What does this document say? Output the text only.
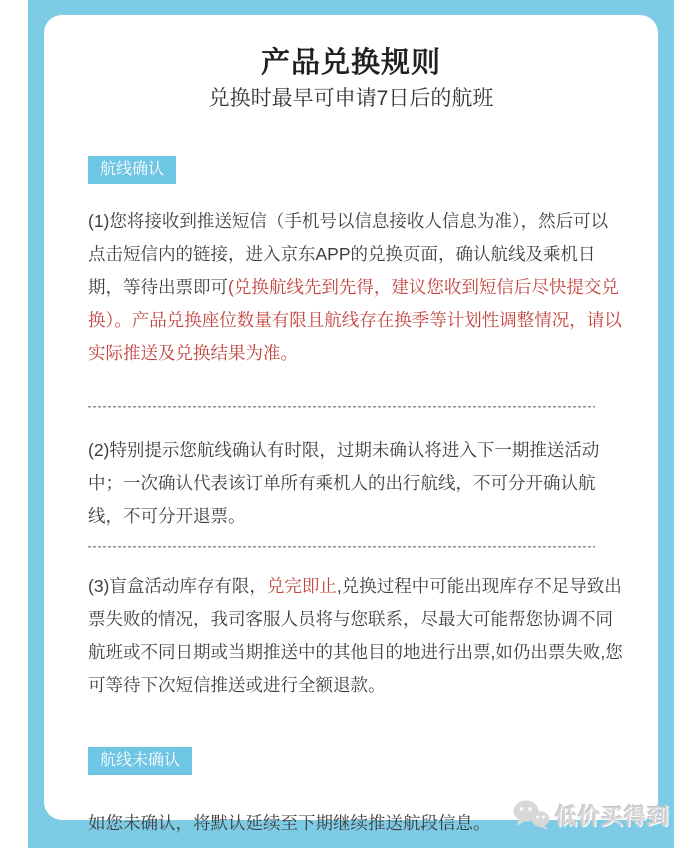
产品兑换规则
兑换时最早可申请7日后的航班
航线确认

(1)您将接收到推送短信（手机号以信息接收人信息为准），然后可以点击短信内的链接，进入京东APP的兑换页面，确认航线及乘机日期，等待出票即可(兑换航线先到先得，建议您收到短信后尽快提交兑换）。产品兑换座位数量有限且航线存在换季等计划性调整情况，请以实际推送及兑换结果为准。

(2)特别提示您航线确认有时限，过期未确认将进入下一期推送活动中；一次确认代表该订单所有乘机人的出行航线，不可分开确认航线，不可分开退票。

(3)盲盒活动库存有限，兑完即止,兑换过程中可能出现库存不足导致出票失败的情况，我司客服人员将与您联系，尽最大可能帮您协调不同航班或不同日期或当期推送中的其他目的地进行出票,如仍出票失败,您可等待下次短信推送或进行全额退款。

航线未确认

如您未确认，将默认延续至下期继续推送航段信息。	低价买得到
